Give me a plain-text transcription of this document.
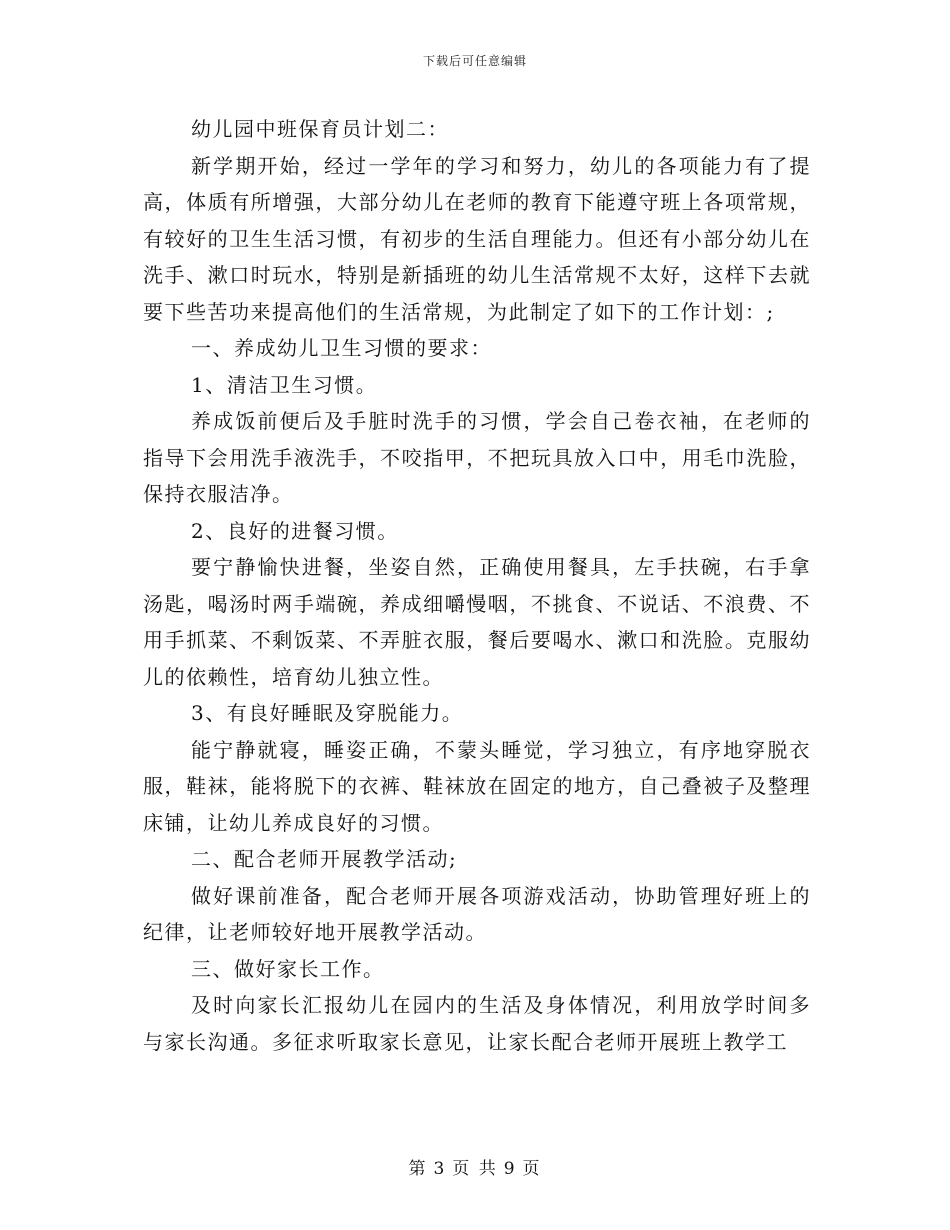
下载后可任意编辑

幼儿园中班保育员计划二：

新学期开始，经过一学年的学习和努力，幼儿的各项能力有了提高，体质有所增强，大部分幼儿在老师的教育下能遵守班上各项常规，有较好的卫生生活习惯，有初步的生活自理能力。但还有小部分幼儿在洗手、漱口时玩水，特别是新插班的幼儿生活常规不太好，这样下去就要下些苦功来提高他们的生活常规，为此制定了如下的工作计划：;

一、养成幼儿卫生习惯的要求：

1、清洁卫生习惯。

养成饭前便后及手脏时洗手的习惯，学会自己卷衣袖，在老师的指导下会用洗手液洗手，不咬指甲，不把玩具放入口中，用毛巾洗脸，保持衣服洁净。

2、良好的进餐习惯。

要宁静愉快进餐，坐姿自然，正确使用餐具，左手扶碗，右手拿汤匙，喝汤时两手端碗，养成细嚼慢咽，不挑食、不说话、不浪费、不用手抓菜、不剩饭菜、不弄脏衣服，餐后要喝水、漱口和洗脸。克服幼儿的依赖性，培育幼儿独立性。

3、有良好睡眠及穿脱能力。

能宁静就寝，睡姿正确，不蒙头睡觉，学习独立，有序地穿脱衣服，鞋袜，能将脱下的衣裤、鞋袜放在固定的地方，自己叠被子及整理床铺，让幼儿养成良好的习惯。

二、配合老师开展教学活动;

做好课前准备，配合老师开展各项游戏活动，协助管理好班上的纪律，让老师较好地开展教学活动。

三、做好家长工作。

及时向家长汇报幼儿在园内的生活及身体情况，利用放学时间多与家长沟通。多征求听取家长意见，让家长配合老师开展班上教学工

第 3 页 共 9 页
